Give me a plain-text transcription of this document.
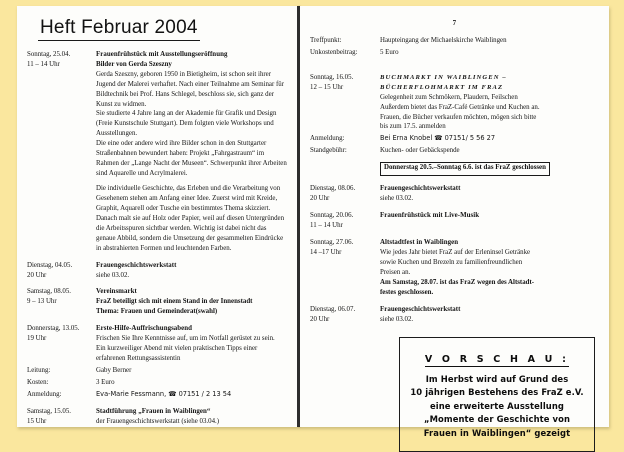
Heft Februar 2004
Sonntag, 25.04.
11 – 14 Uhr

Frauenfrühstück mit Ausstellungseröffnung

Bilder von Gerda Szeszny

Gerda Szeszny, geboren 1950 in Bietigheim, ist schon seit ihrer Jugend der Malerei verhaftet. Nach einer Teilnahme am Seminar für Bildtechnik bei Prof. Hans Schlegel, beschloss sie, sich ganz der Kunst zu widmen.

Sie studierte 4 Jahre lang an der Akademie für Grafik und Design (Freie Kunstschule Stuttgart). Dem folgten viele Workshops und Ausstellungen.

Die eine oder andere wird ihre Bilder schon in den Stuttgarter Straßenbahnen bewundert haben: Projekt „Fahrgastraum“ im Rahmen der „Lange Nacht der Museen“. Schwerpunkt ihrer Arbeiten sind Aquarelle und Acrylmalerei.

Die individuelle Geschichte, das Erleben und die Verarbeitung von Gesehenem stehen am Anfang einer Idee. Zuerst wird mit Kreide, Graphit, Aquarell oder Tusche ein bestimmtes Thema skizziert. Danach malt sie auf Holz oder Papier, weil auf diesen Untergründen die Arbeitsspuren sichtbar werden. Wichtig ist dabei nicht das genaue Abbild, sondern die Umsetzung der gesammelten Eindrücke in abstrahierten Formen und leuchtenden Farben.

Dienstag, 04.05.
20 Uhr

Frauengeschichtswerkstatt

siehe 03.02.

Samstag, 08.05.
9 – 13 Uhr

Vereinsmarkt

FraZ beteiligt sich mit einem Stand in der Innenstadt

Thema: Frauen und Gemeinderat(swahl)

Donnerstag, 13.05.
19 Uhr

Erste-Hilfe-Auffrischungsabend

Frischen Sie Ihre Kenntnisse auf, um im Notfall gerüstet zu sein.

Ein kurzweiliger Abend mit vielen praktischen Tipps einer erfahrenen Rettungsassistentin

Leitung:	Gaby Berner
Kosten:	3 Euro
Anmeldung:	Eva-Marie Fessmann, ☎ 07151 / 2 13 54
Samstag, 15.05.
15 Uhr

Stadtführung „Frauen in Waiblingen“

der Frauengeschichtswerkstatt (siehe 03.04.)

7
Treffpunkt:	Haupteingang der Michaelskirche Waiblingen
Unkostenbeitrag:	5 Euro
Sonntag, 16.05.
12 – 15 Uhr

BUCHMARKT IN WAIBLINGEN –

BÜCHERFLOHMARKT IM FRAZ

Gelegenheit zum Schmökern, Plaudern, Feilschen

Außerdem bietet das FraZ-Café Getränke und Kuchen an.

Frauen, die Bücher verkaufen möchten, mögen sich bitte

bis zum 17.5. anmelden

Anmeldung:	Bei Erna Knobel ☎ 07151/ 5 56 27
Standgebühr:	Kuchen- oder Gebäckspende
Donnerstag 20.5.–Sonntag 6.6. ist das FraZ geschlossen
Dienstag, 08.06.
20 Uhr

Frauengeschichtswerkstatt

siehe 03.02.

Sonntag, 20.06.
11 – 14 Uhr

Frauenfrühstück mit Live-Musik

Sonntag, 27.06.
14 –17 Uhr

Altstadtfest in Waiblingen

Wie jedes Jahr bietet FraZ auf der Erleninsel Getränke

sowie Kuchen und Brezeln zu familienfreundlichen

Preisen an.

Am Samstag, 28.07. ist das FraZ wegen des Altstadt-

festes geschlossen.

Dienstag, 06.07.
20 Uhr

Frauengeschichtswerkstatt

siehe 03.02.

V O R S C H A U :
Im Herbst wird auf Grund des
10 jährigen Bestehens des FraZ e.V.
eine erweiterte Ausstellung
„Momente der Geschichte von
Frauen in Waiblingen“ gezeigt
